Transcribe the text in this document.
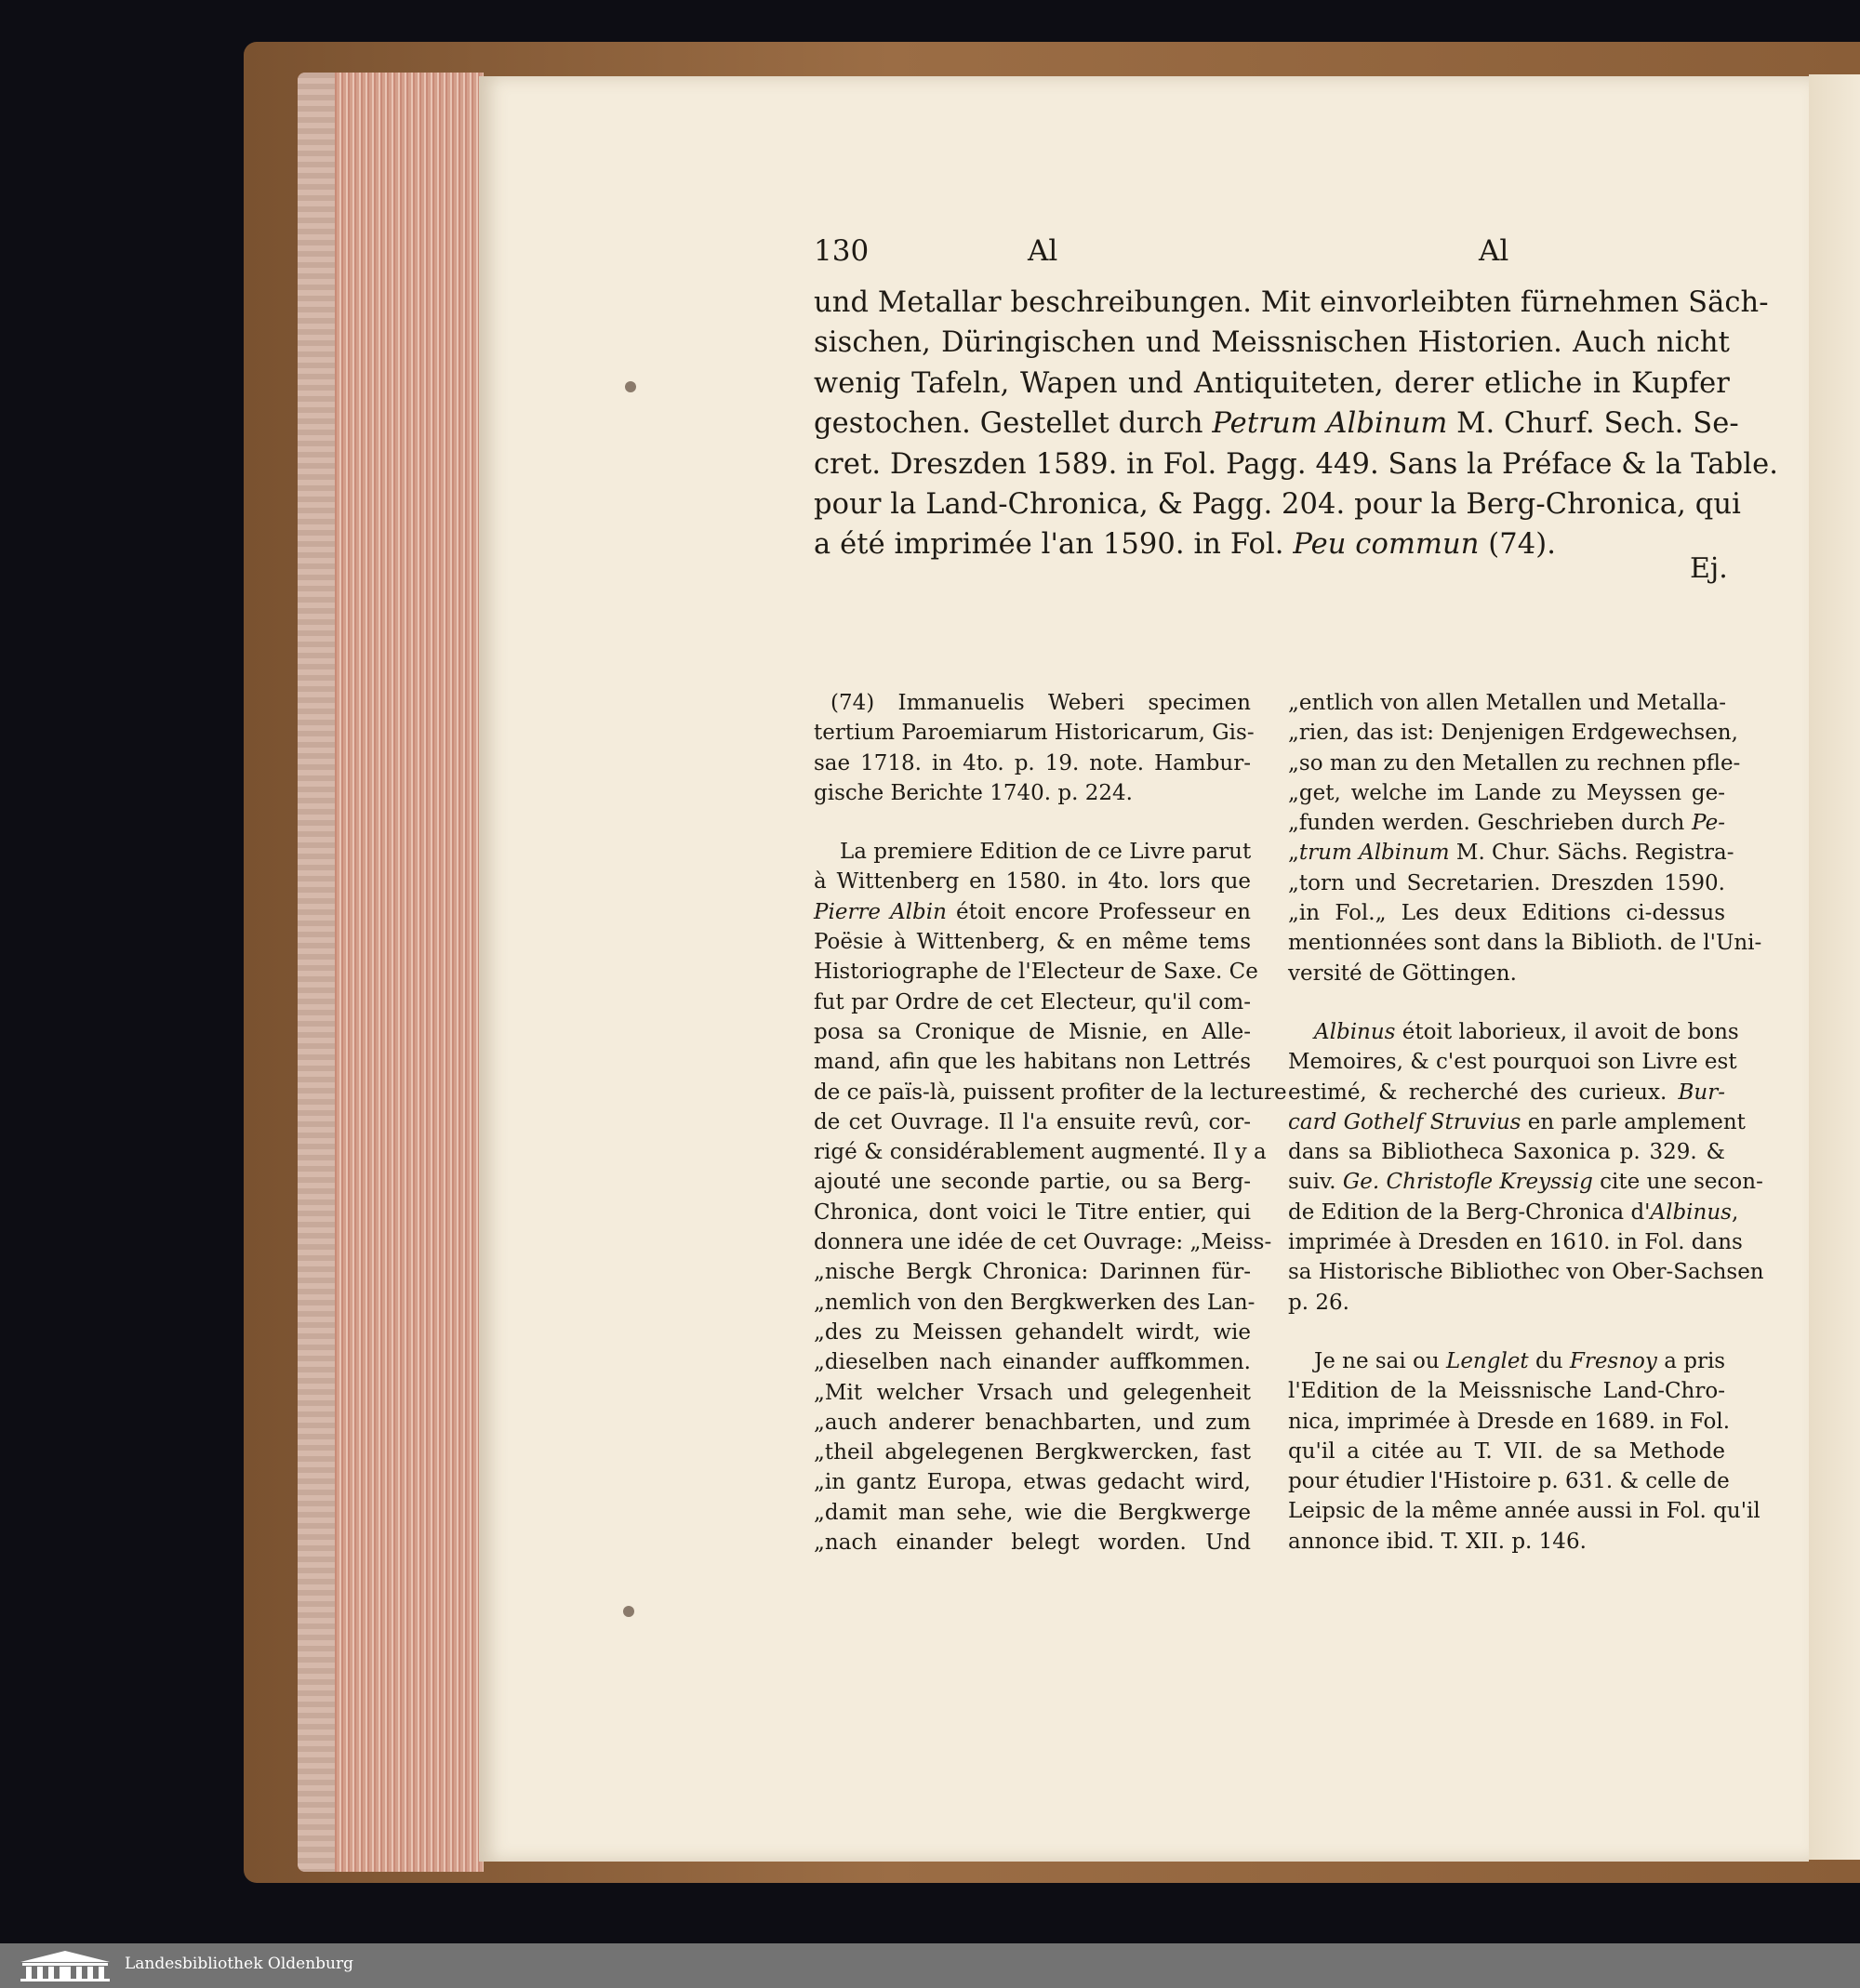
130	Al	Al
und Metallar beschreibungen. Mit einvorleibten fürnehmen Säch-
sischen, Düringischen und Meissnischen Historien. Auch nicht
wenig Tafeln, Wapen und Antiquiteten, derer etliche in Kupfer
gestochen. Gestellet durch Petrum Albinum M. Churf. Sech. Se-
cret. Dreszden 1589. in Fol. Pagg. 449. Sans la Préface & la Table.
pour la Land-Chronica, & Pagg. 204. pour la Berg-Chronica, qui
a été imprimée l'an 1590. in Fol. Peu commun (74).
Ej.
(74) Immanuelis Weberi specimen
tertium Paroemiarum Historicarum, Gis-
sae 1718. in 4to. p. 19. note. Hambur-
gische Berichte 1740. p. 224.
La premiere Edition de ce Livre parut
à Wittenberg en 1580. in 4to. lors que
Pierre Albin étoit encore Professeur en
Poësie à Wittenberg, & en même tems
Historiographe de l'Electeur de Saxe. Ce
fut par Ordre de cet Electeur, qu'il com-
posa sa Cronique de Misnie, en Alle-
mand, afin que les habitans non Lettrés
de ce païs-là, puissent profiter de la lecture
de cet Ouvrage. Il l'a ensuite revû, cor-
rigé & considérablement augmenté. Il y a
ajouté une seconde partie, ou sa Berg-
Chronica, dont voici le Titre entier, qui
donnera une idée de cet Ouvrage: „Meiss-
„nische Bergk Chronica: Darinnen für-
„nemlich von den Bergkwerken des Lan-
„des zu Meissen gehandelt wirdt, wie
„dieselben nach einander auffkommen.
„Mit welcher Vrsach und gelegenheit
„auch anderer benachbarten, und zum
„theil abgelegenen Bergkwercken, fast
„in gantz Europa, etwas gedacht wird,
„damit man sehe, wie die Bergkwerge
„nach einander belegt worden. Und
„entlich von allen Metallen und Metalla-
„rien, das ist: Denjenigen Erdgewechsen,
„so man zu den Metallen zu rechnen pfle-
„get, welche im Lande zu Meyssen ge-
„funden werden. Geschrieben durch Pe-
„trum Albinum M. Chur. Sächs. Registra-
„torn und Secretarien. Dreszden 1590.
„in Fol.„ Les deux Editions ci-dessus
mentionnées sont dans la Biblioth. de l'Uni-
versité de Göttingen.
Albinus étoit laborieux, il avoit de bons
Memoires, & c'est pourquoi son Livre est
estimé, & recherché des curieux. Bur-
card Gothelf Struvius en parle amplement
dans sa Bibliotheca Saxonica p. 329. &
suiv. Ge. Christofle Kreyssig cite une secon-
de Edition de la Berg-Chronica d'Albinus,
imprimée à Dresden en 1610. in Fol. dans
sa Historische Bibliothec von Ober-Sachsen
p. 26.
Je ne sai ou Lenglet du Fresnoy a pris
l'Edition de la Meissnische Land-Chro-
nica, imprimée à Dresde en 1689. in Fol.
qu'il a citée au T. VII. de sa Methode
pour étudier l'Histoire p. 631. & celle de
Leipsic de la même année aussi in Fol. qu'il
annonce ibid. T. XII. p. 146.
Landesbibliothek Oldenburg
